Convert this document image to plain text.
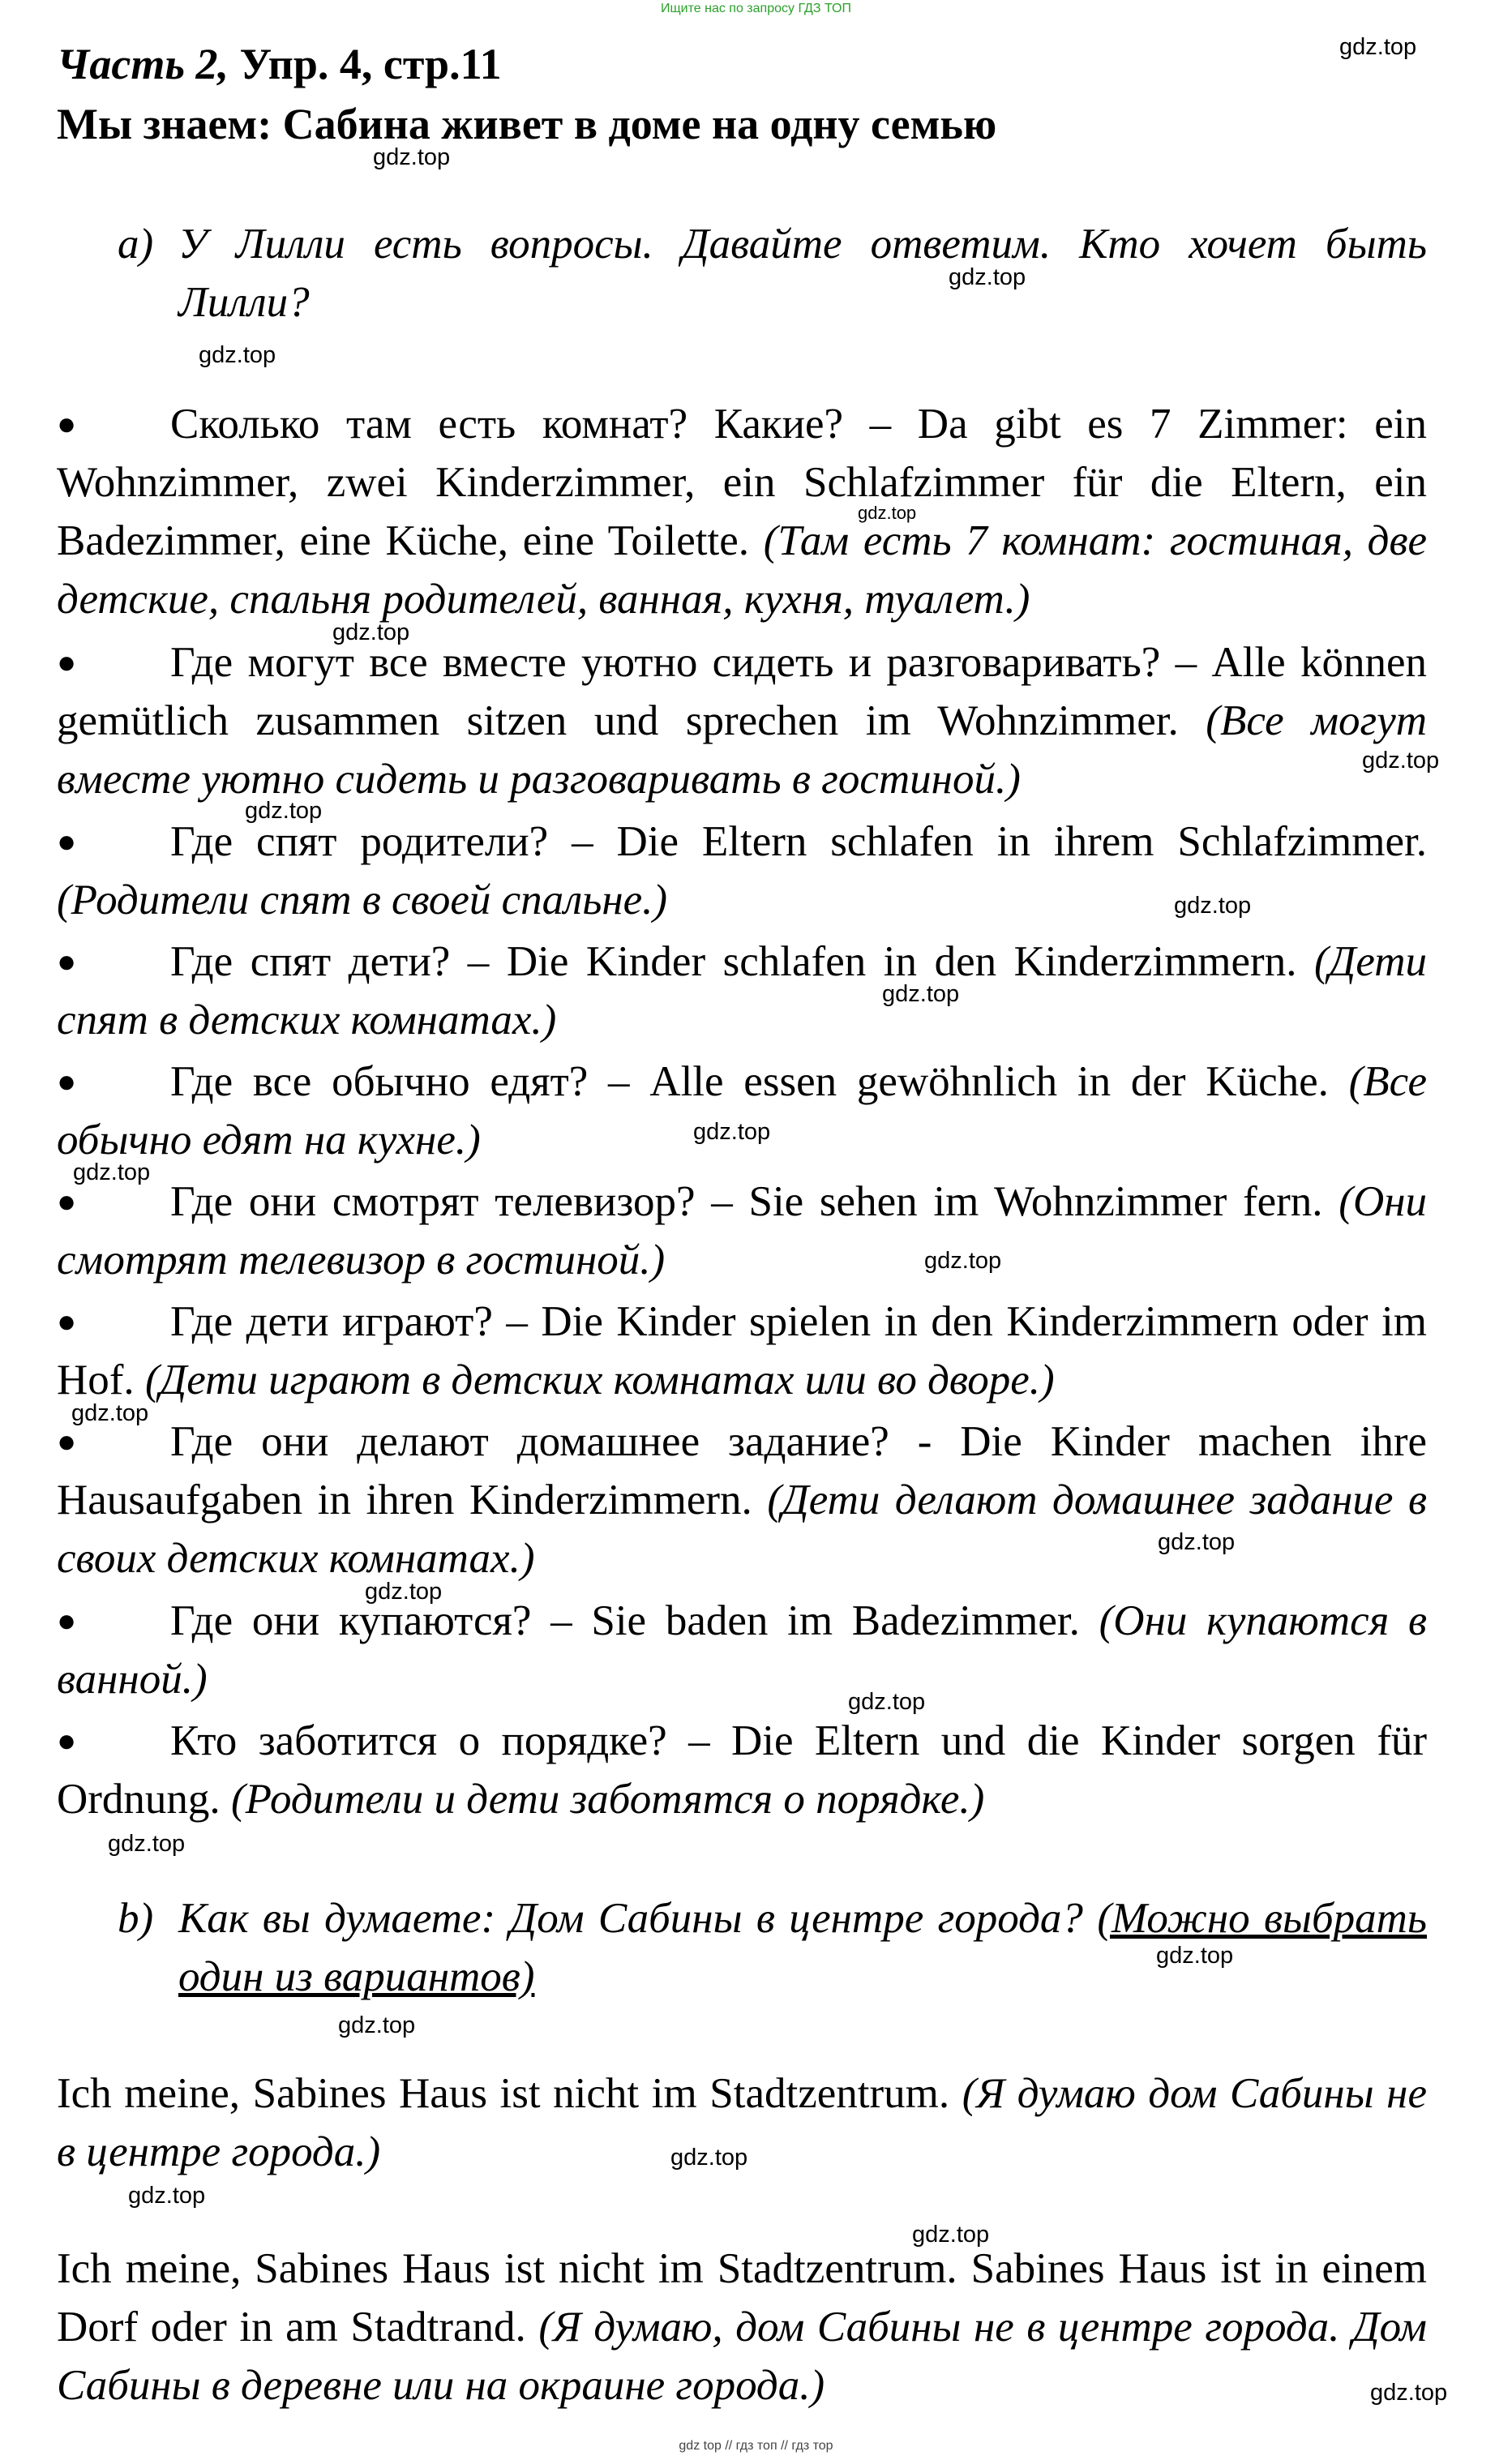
Ищите нас по запросу ГДЗ ТОП
Часть 2, Упр. 4, стр.11
Мы знаем: Сабина живет в доме на одну семью
a) У Лилли есть вопросы. Давайте ответим. Кто хочет быть Лилли?
● Сколько там есть комнат? Какие? – Da gibt es 7 Zimmer: ein Wohnzimmer, zwei Kinderzimmer, ein Schlafzimmer für die Eltern, ein Badezimmer, eine Küche, eine Toilette. (Там есть 7 комнат: гостиная, две детские, спальня родителей, ванная, кухня, туалет.)
● Где могут все вместе уютно сидеть и разговаривать? – Alle können gemütlich zusammen sitzen und sprechen im Wohnzimmer. (Все могут вместе уютно сидеть и разговаривать в гостиной.)
● Где спят родители? – Die Eltern schlafen in ihrem Schlafzimmer. (Родители спят в своей спальне.)
● Где спят дети? – Die Kinder schlafen in den Kinderzimmern. (Дети спят в детских комнатах.)
● Где все обычно едят? – Alle essen gewöhnlich in der Küche. (Все обычно едят на кухне.)
● Где они смотрят телевизор? – Sie sehen im Wohnzimmer fern. (Они смотрят телевизор в гостиной.)
● Где дети играют? – Die Kinder spielen in den Kinderzimmern oder im Hof. (Дети играют в детских комнатах или во дворе.)
● Где они делают домашнее задание? - Die Kinder machen ihre Hausaufgaben in ihren Kinderzimmern. (Дети делают домашнее задание в своих детских комнатах.)
● Где они купаются? – Sie baden im Badezimmer. (Они купаются в ванной.)
● Кто заботится о порядке? – Die Eltern und die Kinder sorgen für Ordnung. (Родители и дети заботятся о порядке.)
b) Как вы думаете: Дом Сабины в центре города? (Можно выбрать один из вариантов)
Ich meine, Sabines Haus ist nicht im Stadtzentrum. (Я думаю дом Сабины не в центре города.)
Ich meine, Sabines Haus ist nicht im Stadtzentrum. Sabines Haus ist in einem Dorf oder in am Stadtrand. (Я думаю, дом Сабины не в центре города. Дом Сабины в деревне или на окраине города.)
gdz.top
gdz.top
gdz.top
gdz.top
gdz.top
gdz.top
gdz.top
gdz.top
gdz.top
gdz.top
gdz.top
gdz.top
gdz.top
gdz.top
gdz.top
gdz.top
gdz.top
gdz.top
gdz.top
gdz.top
gdz.top
gdz.top
gdz.top
gdz.top
gdz top // гдз топ // гдз тор
